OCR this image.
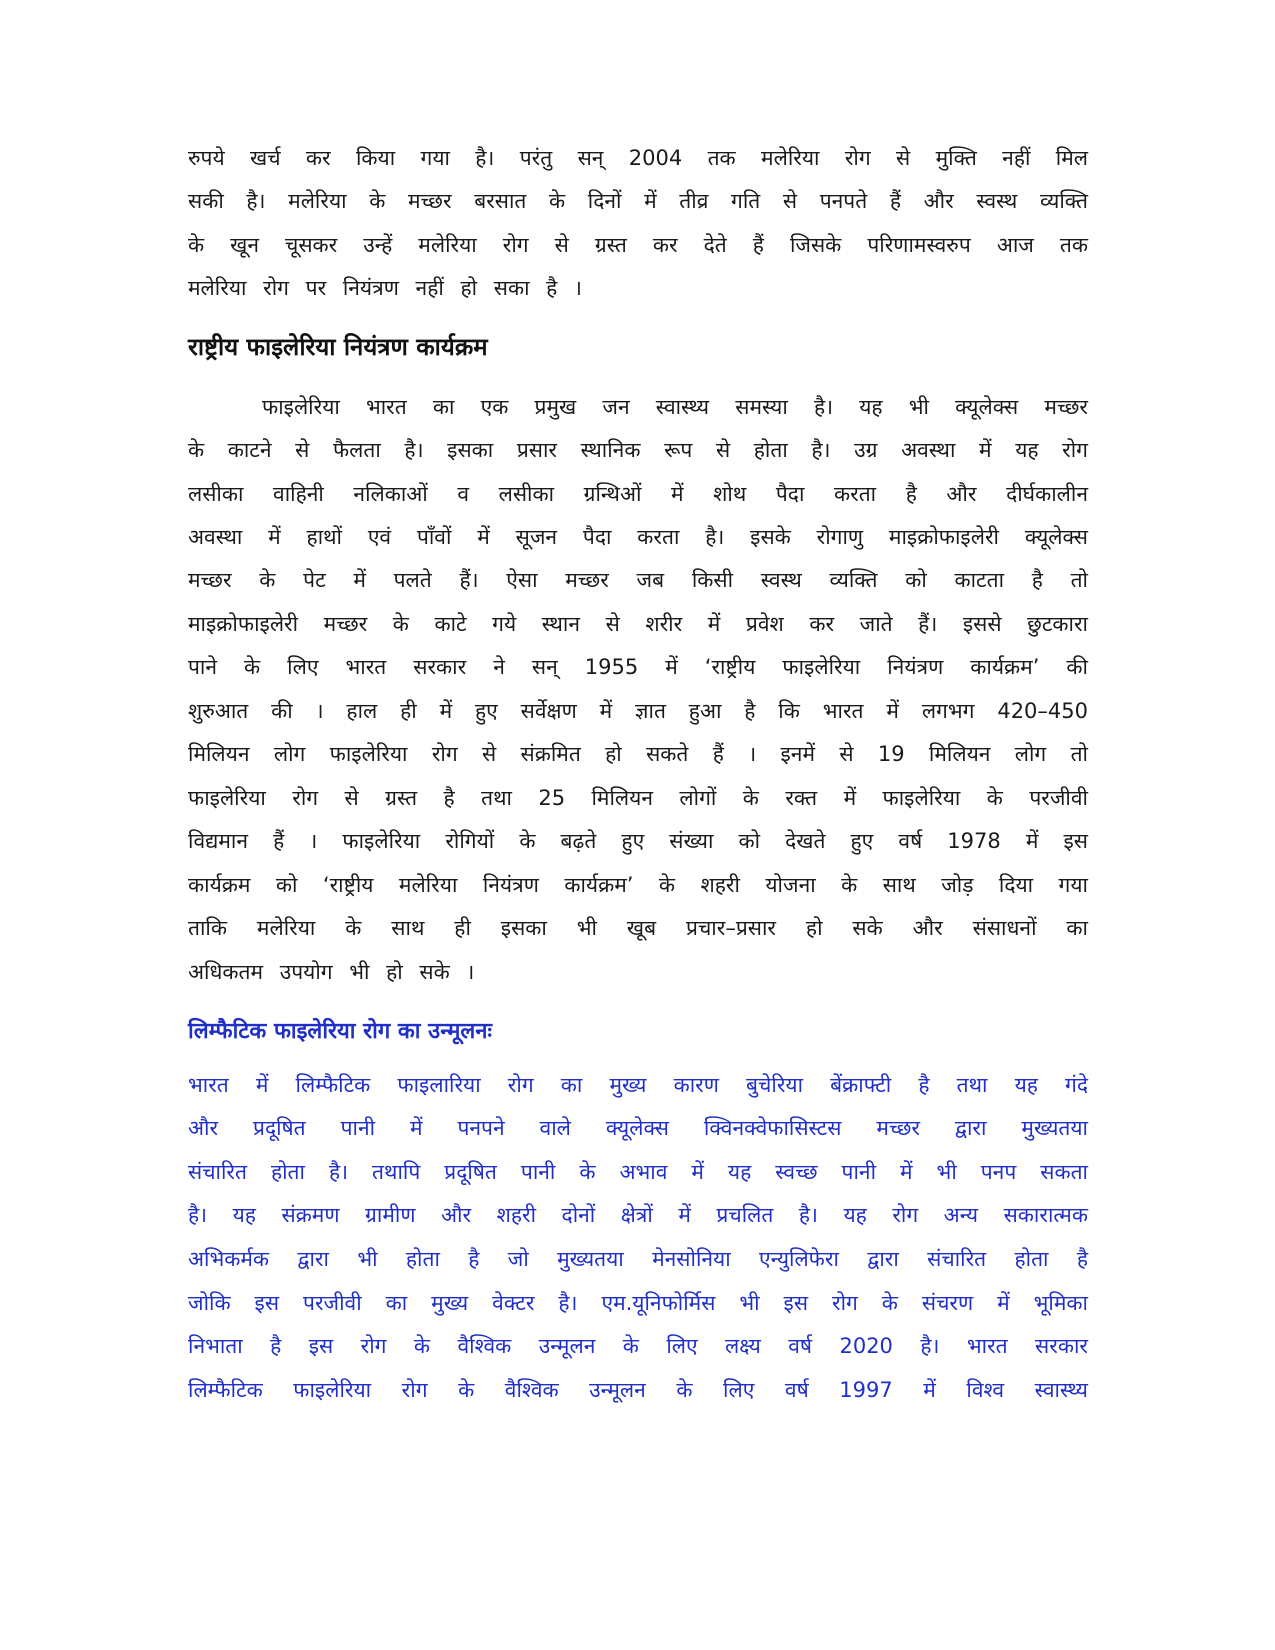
रुपये खर्च कर किया गया है। परंतु सन् 2004 तक मलेरिया रोग से मुक्ति नहीं मिल
सकी है। मलेरिया के मच्छर बरसात के दिनों में तीव्र गति से पनपते हैं और स्वस्थ व्यक्ति
के खून चूसकर उन्हें मलेरिया रोग से ग्रस्त कर देते हैं जिसके परिणामस्वरुप आज तक
मलेरिया रोग पर नियंत्रण नहीं हो सका है ।
राष्ट्रीय फाइलेरिया नियंत्रण कार्यक्रम
फाइलेरिया भारत का एक प्रमुख जन स्वास्थ्य समस्या है। यह भी क्यूलेक्स मच्छर
के काटने से फैलता है। इसका प्रसार स्थानिक रूप से होता है। उग्र अवस्था में यह रोग
लसीका वाहिनी नलिकाओं व लसीका ग्रन्थिओं में शोथ पैदा करता है और दीर्घकालीन
अवस्था में हाथों एवं पाँवों में सूजन पैदा करता है। इसके रोगाणु माइक्रोफाइलेरी क्यूलेक्स
मच्छर के पेट में पलते हैं। ऐसा मच्छर जब किसी स्वस्थ व्यक्ति को काटता है तो
माइक्रोफाइलेरी मच्छर के काटे गये स्थान से शरीर में प्रवेश कर जाते हैं। इससे छुटकारा
पाने के लिए भारत सरकार ने सन् 1955 में ‘राष्ट्रीय फाइलेरिया नियंत्रण कार्यक्रम’ की
शुरुआत की । हाल ही में हुए सर्वेक्षण में ज्ञात हुआ है कि भारत में लगभग 420–450
मिलियन लोग फाइलेरिया रोग से संक्रमित हो सकते हैं । इनमें से 19 मिलियन लोग तो
फाइलेरिया रोग से ग्रस्त है तथा 25 मिलियन लोगों के रक्त में फाइलेरिया के परजीवी
विद्यमान हैं । फाइलेरिया रोगियों के बढ़ते हुए संख्या को देखते हुए वर्ष 1978 में इस
कार्यक्रम को ‘राष्ट्रीय मलेरिया नियंत्रण कार्यक्रम’ के शहरी योजना के साथ जोड़ दिया गया
ताकि मलेरिया के साथ ही इसका भी खूब प्रचार–प्रसार हो सके और संसाधनों का
अधिकतम उपयोग भी हो सके ।
लिम्फैटिक फाइलेरिया रोग का उन्मूलनः
भारत में लिम्फैटिक फाइलारिया रोग का मुख्य कारण बुचेरिया बेंक्राफ्टी है तथा यह गंदे
और प्रदूषित पानी में पनपने वाले क्यूलेक्स क्विनक्वेफासिस्टस मच्छर द्वारा मुख्यतया
संचारित होता है। तथापि प्रदूषित पानी के अभाव में यह स्वच्छ पानी में भी पनप सकता
है। यह संक्रमण ग्रामीण और शहरी दोनों क्षेत्रों में प्रचलित है। यह रोग अन्य सकारात्मक
अभिकर्मक द्वारा भी होता है जो मुख्यतया मेनसोनिया एन्युलिफेरा द्वारा संचारित होता है
जोकि इस परजीवी का मुख्य वेक्टर है। एम.यूनिफोर्मिस भी इस रोग के संचरण में भूमिका
निभाता है इस रोग के वैश्विक उन्मूलन के लिए लक्ष्य वर्ष 2020 है। भारत सरकार
लिम्फैटिक फाइलेरिया रोग के वैश्विक उन्मूलन के लिए वर्ष 1997 में विश्व स्वास्थ्य
